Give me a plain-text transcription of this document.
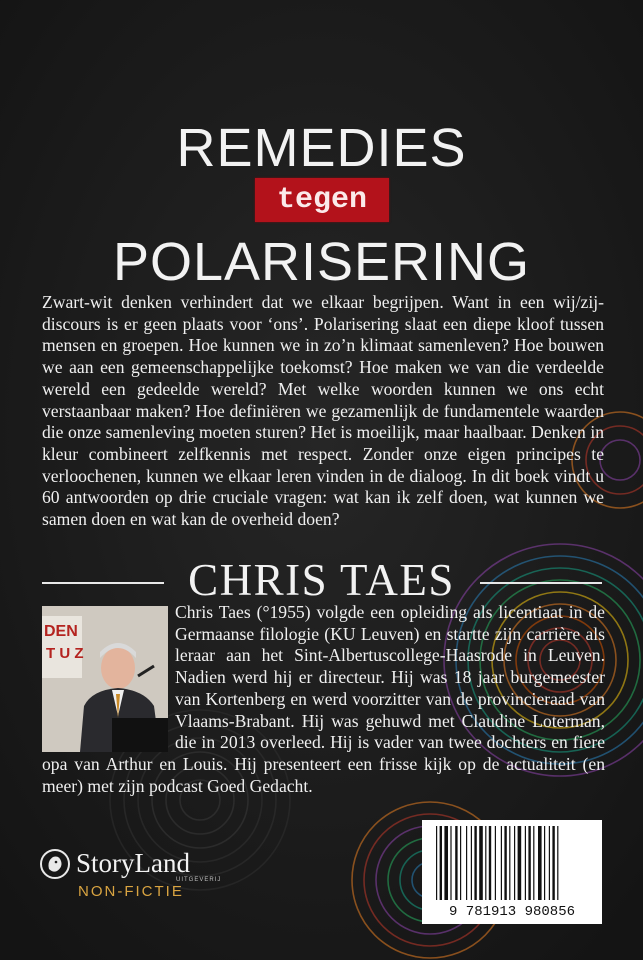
REMEDIES
tegen
POLARISERING
Zwart-wit denken verhindert dat we elkaar begrijpen. Want in een wij/zij-discours is er geen plaats voor ‘ons’. Polarisering slaat een diepe kloof tussen mensen en groepen. Hoe kunnen we in zo’n klimaat samenleven? Hoe bouwen we aan een gemeenschappelijke toekomst? Hoe maken we van die verdeelde wereld een gedeelde wereld? Met welke woorden kunnen we ons echt verstaanbaar maken? Hoe definiëren we gezamenlijk de fundamentele waarden die onze samenleving moeten sturen? Het is moeilijk, maar haalbaar. Denken in kleur combineert zelfkennis met respect. Zonder onze eigen principes te verloochenen, kunnen we elkaar leren vinden in de dialoog. In dit boek vindt u 60 antwoorden op drie cruciale vragen: wat kan ik zelf doen, wat kunnen we samen doen en wat kan de overheid doen?
CHRIS TAES
Chris Taes (°1955) volgde een opleiding als licentiaat in de Germaanse filologie (KU Leuven) en startte zijn carrière als leraar aan het Sint-Albertuscollege-Haasrode in Leuven. Nadien werd hij er directeur. Hij was 18 jaar burgemeester van Kortenberg en werd voorzitter van de provincieraad van Vlaams-Brabant. Hij was gehuwd met Claudine Loterman, die in 2013 overleed. Hij is vader van twee dochters en fiere opa van Arthur en Louis. Hij presenteert een frisse kijk op de actualiteit (en meer) met zijn podcast Goed Gedacht.
DEN
T U Z
StoryLand
UITGEVERIJ
NON-FICTIE
9 781913 980856
